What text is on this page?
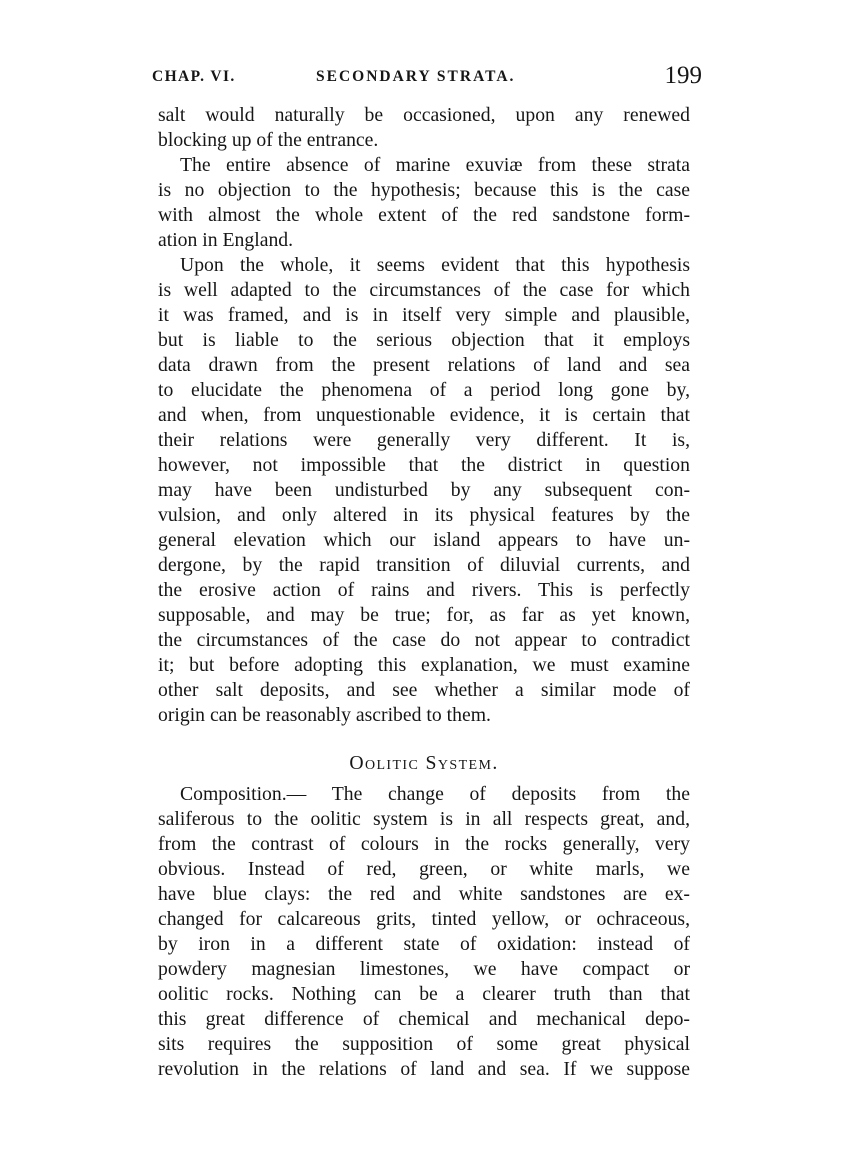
CHAP. VI.	SECONDARY STRATA.	199
salt would naturally be occasioned, upon any renewed
blocking up of the entrance.
The entire absence of marine exuviæ from these strata
is no objection to the hypothesis; because this is the case
with almost the whole extent of the red sandstone form-
ation in England.
Upon the whole, it seems evident that this hypothesis
is well adapted to the circumstances of the case for which
it was framed, and is in itself very simple and plausible,
but is liable to the serious objection that it employs
data drawn from the present relations of land and sea
to elucidate the phenomena of a period long gone by,
and when, from unquestionable evidence, it is certain that
their relations were generally very different. It is,
however, not impossible that the district in question
may have been undisturbed by any subsequent con-
vulsion, and only altered in its physical features by the
general elevation which our island appears to have un-
dergone, by the rapid transition of diluvial currents, and
the erosive action of rains and rivers. This is perfectly
supposable, and may be true; for, as far as yet known,
the circumstances of the case do not appear to contradict
it; but before adopting this explanation, we must examine
other salt deposits, and see whether a similar mode of
origin can be reasonably ascribed to them.
Oolitic System.
Composition.— The change of deposits from the
saliferous to the oolitic system is in all respects great, and,
from the contrast of colours in the rocks generally, very
obvious. Instead of red, green, or white marls, we
have blue clays: the red and white sandstones are ex-
changed for calcareous grits, tinted yellow, or ochraceous,
by iron in a different state of oxidation: instead of
powdery magnesian limestones, we have compact or
oolitic rocks. Nothing can be a clearer truth than that
this great difference of chemical and mechanical depo-
sits requires the supposition of some great physical
revolution in the relations of land and sea. If we suppose
